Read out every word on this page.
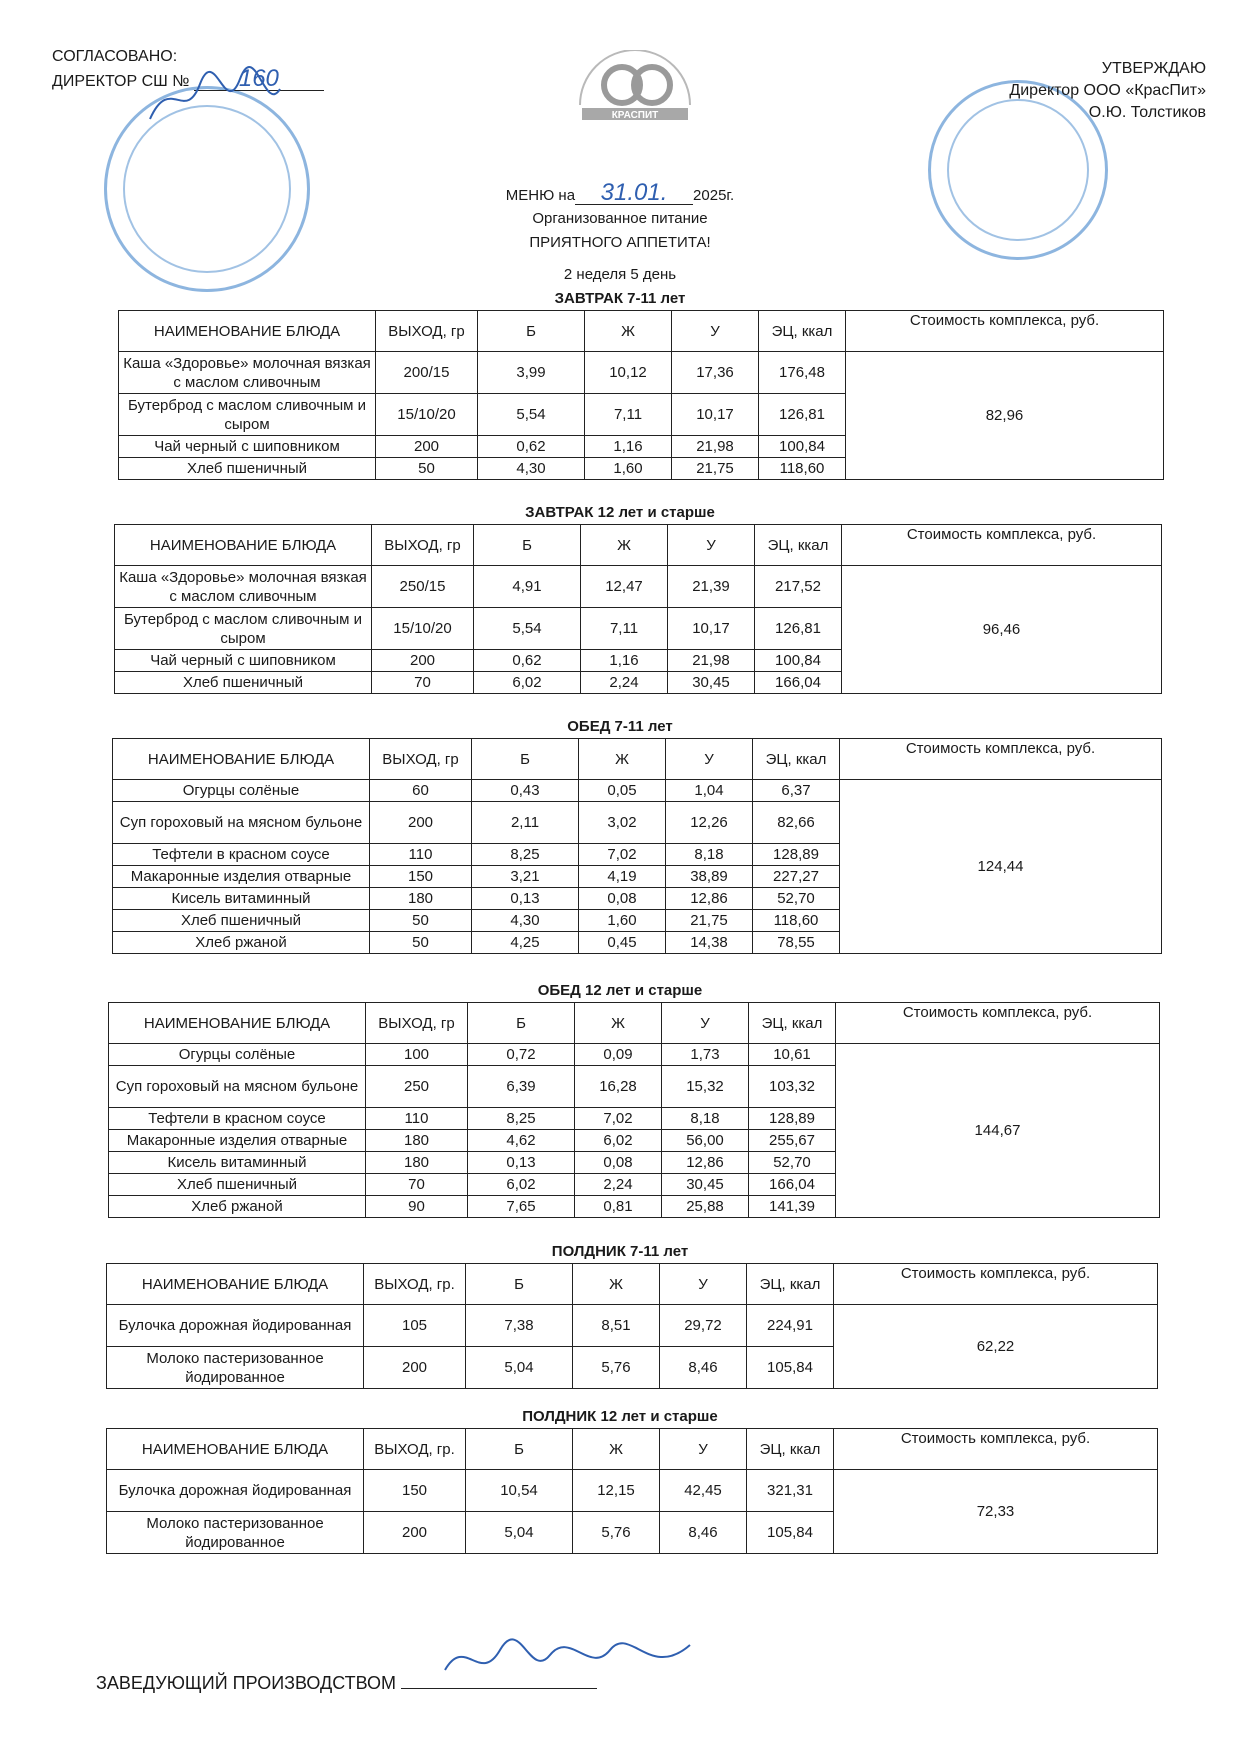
КРАСПИТ
СОГЛАСОВАНО:
ДИРЕКТОР СШ № 160	УТВЕРЖДАЮ
Директор ООО «КрасПит»
О.Ю. Толстиков
МЕНЮ на 31.01. 2025г.
Организованное питание
ПРИЯТНОГО АППЕТИТА!
2 неделя 5 день
ЗАВТРАК 7-11 лет
НАИМЕНОВАНИЕ БЛЮДА	ВЫХОД, гр	Б	Ж	У	ЭЦ, ккал	Стоимость комплекса, руб.
Каша «Здоровье» молочная вязкая с маслом сливочным	200/15	3,99	10,12	17,36	176,48	82,96
Бутерброд с маслом сливочным и сыром	15/10/20	5,54	7,11	10,17	126,81	
Чай черный с шиповником	200	0,62	1,16	21,98	100,84	
Хлеб пшеничный	50	4,30	1,60	21,75	118,60	
ЗАВТРАК 12 лет и старше
НАИМЕНОВАНИЕ БЛЮДА	ВЫХОД, гр	Б	Ж	У	ЭЦ, ккал	Стоимость комплекса, руб.
Каша «Здоровье» молочная вязкая с маслом сливочным	250/15	4,91	12,47	21,39	217,52	96,46
Бутерброд с маслом сливочным и сыром	15/10/20	5,54	7,11	10,17	126,81	
Чай черный с шиповником	200	0,62	1,16	21,98	100,84	
Хлеб пшеничный	70	6,02	2,24	30,45	166,04	
ОБЕД 7-11 лет
НАИМЕНОВАНИЕ БЛЮДА	ВЫХОД, гр	Б	Ж	У	ЭЦ, ккал	Стоимость комплекса, руб.
Огурцы солёные	60	0,43	0,05	1,04	6,37	124,44
Суп гороховый на мясном бульоне	200	2,11	3,02	12,26	82,66	
Тефтели в красном соусе	110	8,25	7,02	8,18	128,89	
Макаронные изделия отварные	150	3,21	4,19	38,89	227,27	
Кисель витаминный	180	0,13	0,08	12,86	52,70	
Хлеб пшеничный	50	4,30	1,60	21,75	118,60	
Хлеб ржаной	50	4,25	0,45	14,38	78,55	
ОБЕД 12 лет и старше
НАИМЕНОВАНИЕ БЛЮДА	ВЫХОД, гр	Б	Ж	У	ЭЦ, ккал	Стоимость комплекса, руб.
Огурцы солёные	100	0,72	0,09	1,73	10,61	144,67
Суп гороховый на мясном бульоне	250	6,39	16,28	15,32	103,32	
Тефтели в красном соусе	110	8,25	7,02	8,18	128,89	
Макаронные изделия отварные	180	4,62	6,02	56,00	255,67	
Кисель витаминный	180	0,13	0,08	12,86	52,70	
Хлеб пшеничный	70	6,02	2,24	30,45	166,04	
Хлеб ржаной	90	7,65	0,81	25,88	141,39	
ПОЛДНИК 7-11 лет
НАИМЕНОВАНИЕ БЛЮДА	ВЫХОД, гр.	Б	Ж	У	ЭЦ, ккал	Стоимость комплекса, руб.
Булочка дорожная йодированная	105	7,38	8,51	29,72	224,91	62,22
Молоко пастеризованное йодированное	200	5,04	5,76	8,46	105,84	
ПОЛДНИК 12 лет и старше
НАИМЕНОВАНИЕ БЛЮДА	ВЫХОД, гр.	Б	Ж	У	ЭЦ, ккал	Стоимость комплекса, руб.
Булочка дорожная йодированная	150	10,54	12,15	42,45	321,31	72,33
Молоко пастеризованное йодированное	200	5,04	5,76	8,46	105,84	
ЗАВЕДУЮЩИЙ ПРОИЗВОДСТВОМ
